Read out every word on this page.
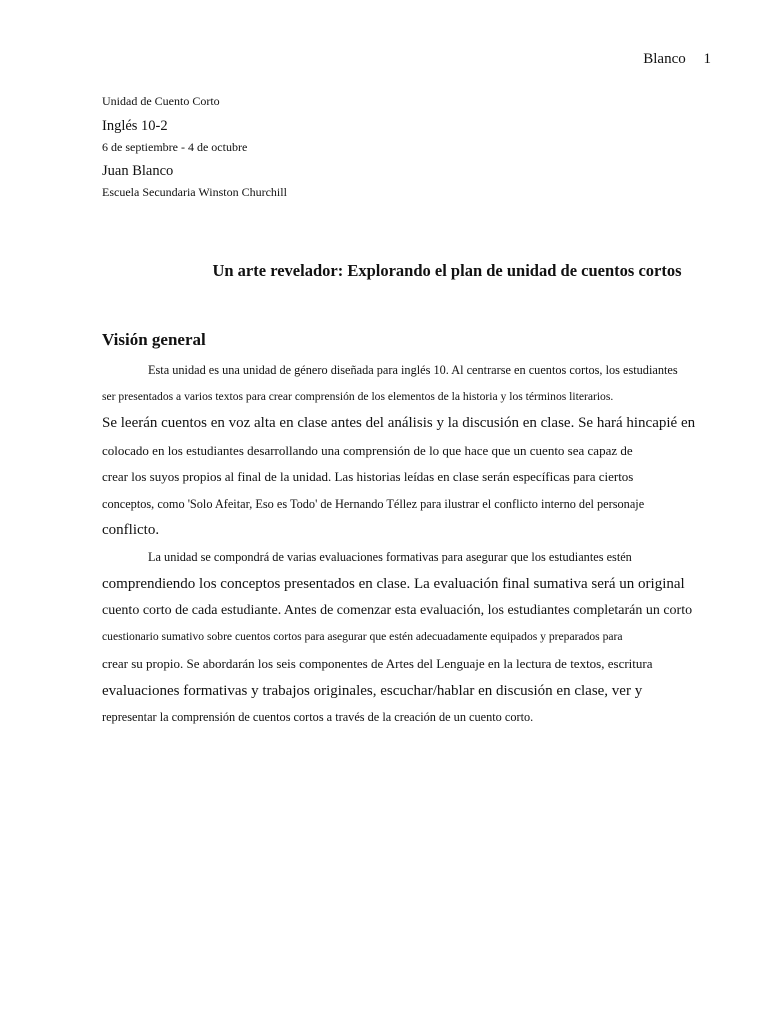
Blanco 1
Unidad de Cuento Corto
Inglés 10-2
6 de septiembre - 4 de octubre
Juan Blanco
Escuela Secundaria Winston Churchill
Un arte revelador: Explorando el plan de unidad de cuentos cortos
Visión general
Esta unidad es una unidad de género diseñada para inglés 10. Al centrarse en cuentos cortos, los estudiantes
ser presentados a varios textos para crear comprensión de los elementos de la historia y los términos literarios.
Se leerán cuentos en voz alta en clase antes del análisis y la discusión en clase. Se hará hincapié en
colocado en los estudiantes desarrollando una comprensión de lo que hace que un cuento sea capaz de
crear los suyos propios al final de la unidad. Las historias leídas en clase serán específicas para ciertos
conceptos, como 'Solo Afeitar, Eso es Todo' de Hernando Téllez para ilustrar el conflicto interno del personaje
conflicto.
La unidad se compondrá de varias evaluaciones formativas para asegurar que los estudiantes estén
comprendiendo los conceptos presentados en clase. La evaluación final sumativa será un original
cuento corto de cada estudiante. Antes de comenzar esta evaluación, los estudiantes completarán un corto
cuestionario sumativo sobre cuentos cortos para asegurar que estén adecuadamente equipados y preparados para
crear su propio. Se abordarán los seis componentes de Artes del Lenguaje en la lectura de textos, escritura
evaluaciones formativas y trabajos originales, escuchar/hablar en discusión en clase, ver y
representar la comprensión de cuentos cortos a través de la creación de un cuento corto.
